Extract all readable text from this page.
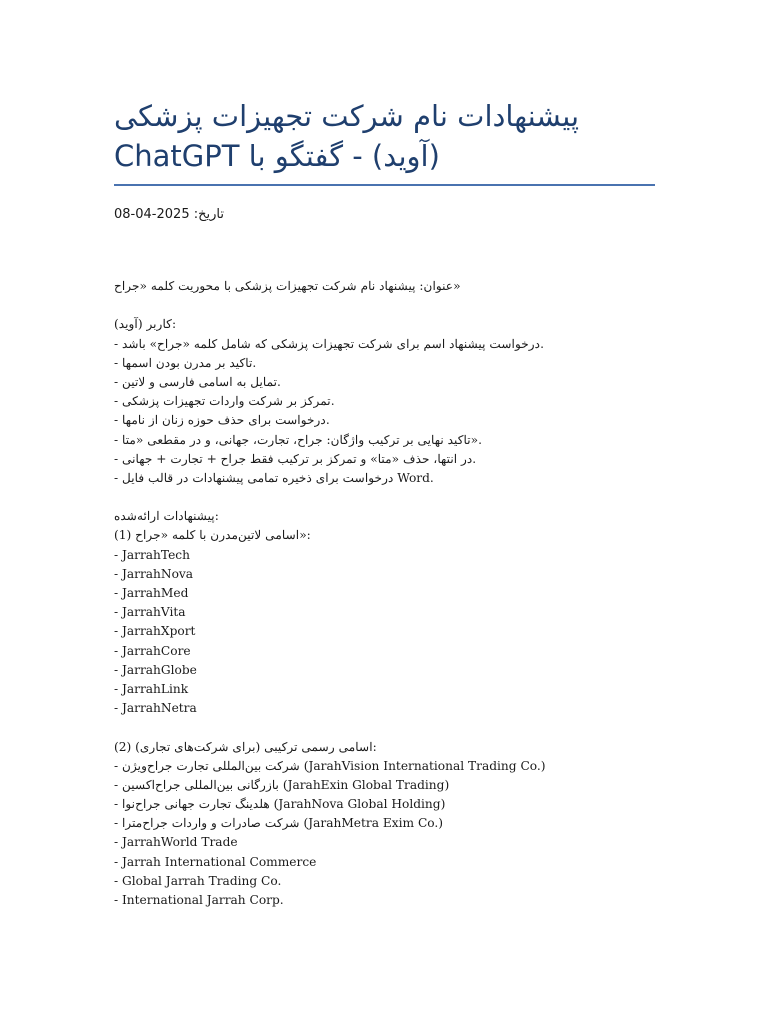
پیشنهادات نام شرکت تجهیزات پزشکی
(آوید) - گفتگو با ChatGPT
تاریخ: 2025-04-08
عنوان: پیشنهاد نام شرکت تجهیزات پزشکی با محوریت کلمه «جراح»
کاربر (آوید):
- درخواست پیشنهاد اسم برای شرکت تجهیزات پزشکی که شامل کلمه «جراح» باشد.
- تاکید بر مدرن بودن اسمها.
- تمایل به اسامی فارسی و لاتین.
- تمرکز بر شرکت واردات تجهیزات پزشکی.
- درخواست برای حذف حوزه زنان از نامها.
- تاکید نهایی بر ترکیب واژگان: جراح، تجارت، جهانی، و در مقطعی «متا».
- در انتها، حذف «متا» و تمرکز بر ترکیب فقط جراح + تجارت + جهانی.
- درخواست برای ذخیره تمامی پیشنهادات در قالب فایل Word.
پیشنهادات ارائه‌شده:
(1) اسامی لاتین‌مدرن با کلمه «جراح»:
- JarrahTech
- JarrahNova
- JarrahMed
- JarrahVita
- JarrahXport
- JarrahCore
- JarrahGlobe
- JarrahLink
- JarrahNetra
(2) اسامی رسمی ترکیبی (برای شرکت‌های تجاری):
- شرکت بین‌المللی تجارت جراح‌ویژن (JarahVision International Trading Co.)
- بازرگانی بین‌المللی جراح‌اکسین (JarahExin Global Trading)
- هلدینگ تجارت جهانی جراح‌نوا (JarahNova Global Holding)
- شرکت صادرات و واردات جراح‌مترا (JarahMetra Exim Co.)
- JarrahWorld Trade
- Jarrah International Commerce
- Global Jarrah Trading Co.
- International Jarrah Corp.
